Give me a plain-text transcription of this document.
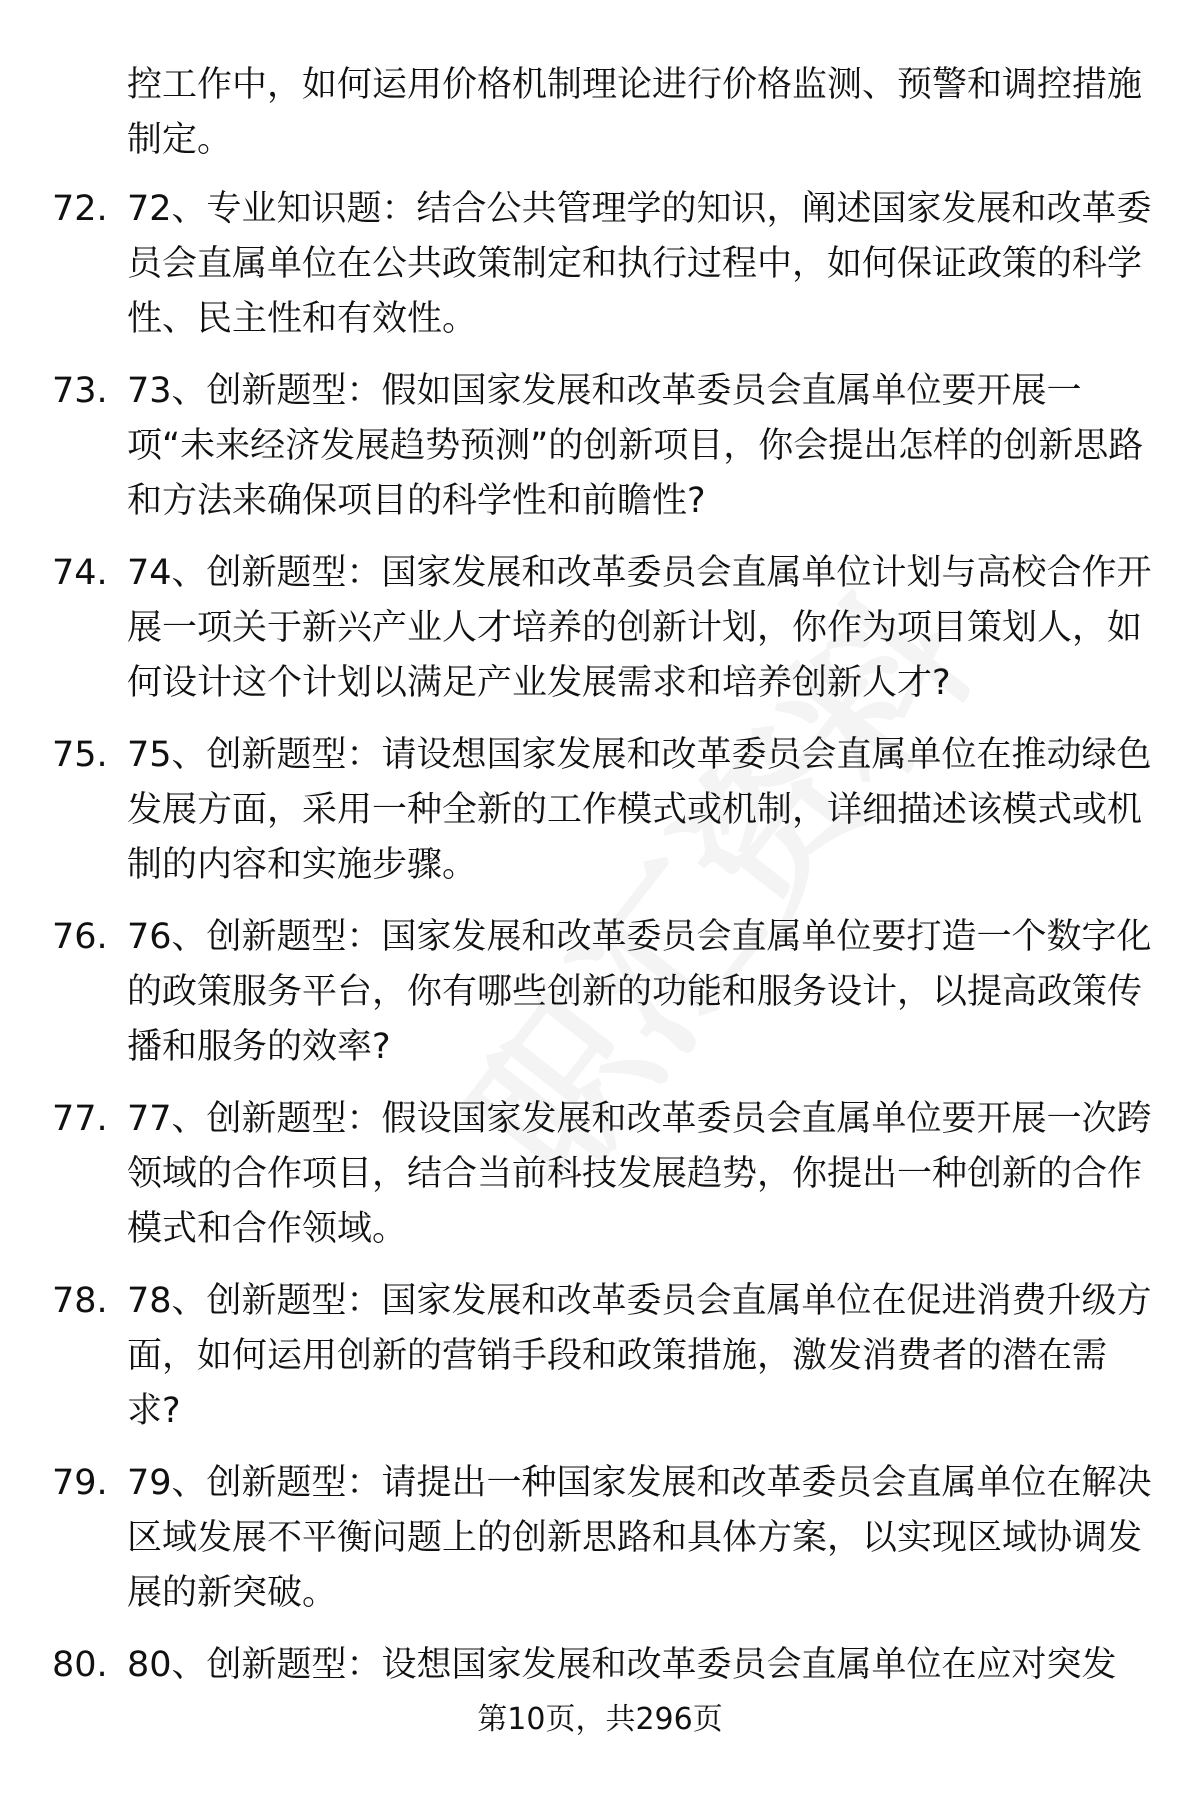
控工作中，如何运用价格机制理论进行价格监测、预警和调控措施制定。

72. 72、专业知识题：结合公共管理学的知识，阐述国家发展和改革委员会直属单位在公共政策制定和执行过程中，如何保证政策的科学性、民主性和有效性。

73. 73、创新题型：假如国家发展和改革委员会直属单位要开展一项“未来经济发展趋势预测”的创新项目，你会提出怎样的创新思路和方法来确保项目的科学性和前瞻性?

74. 74、创新题型：国家发展和改革委员会直属单位计划与高校合作开展一项关于新兴产业人才培养的创新计划，你作为项目策划人，如何设计这个计划以满足产业发展需求和培养创新人才?

75. 75、创新题型：请设想国家发展和改革委员会直属单位在推动绿色发展方面，采用一种全新的工作模式或机制，详细描述该模式或机制的内容和实施步骤。

76. 76、创新题型：国家发展和改革委员会直属单位要打造一个数字化的政策服务平台，你有哪些创新的功能和服务设计，以提高政策传播和服务的效率?

77. 77、创新题型：假设国家发展和改革委员会直属单位要开展一次跨领域的合作项目，结合当前科技发展趋势，你提出一种创新的合作模式和合作领域。

78. 78、创新题型：国家发展和改革委员会直属单位在促进消费升级方面，如何运用创新的营销手段和政策措施，激发消费者的潜在需求?

79. 79、创新题型：请提出一种国家发展和改革委员会直属单位在解决区域发展不平衡问题上的创新思路和具体方案，以实现区域协调发展的新突破。

80. 80、创新题型：设想国家发展和改革委员会直属单位在应对突发

第10页，共296页
